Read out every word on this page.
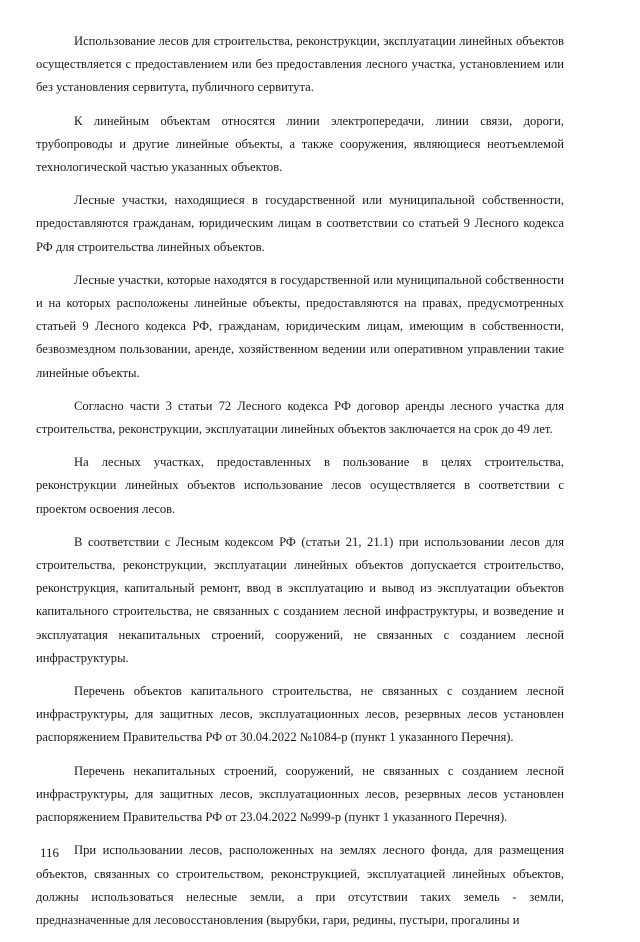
Использование лесов для строительства, реконструкции, эксплуатации линейных объектов осуществляется с предоставлением или без предоставления лесного участка, установлением или без установления сервитута, публичного сервитута.

К линейным объектам относятся линии электропередачи, линии связи, дороги, трубопроводы и другие линейные объекты, а также сооружения, являющиеся неотъемлемой технологической частью указанных объектов.

Лесные участки, находящиеся в государственной или муниципальной собственности, предоставляются гражданам, юридическим лицам в соответствии со статьей 9 Лесного кодекса РФ для строительства линейных объектов.

Лесные участки, которые находятся в государственной или муниципальной собственности и на которых расположены линейные объекты, предоставляются на правах, предусмотренных статьей 9 Лесного кодекса РФ, гражданам, юридическим лицам, имеющим в собственности, безвозмездном пользовании, аренде, хозяйственном ведении или оперативном управлении такие линейные объекты.

Согласно части 3 статьи 72 Лесного кодекса РФ договор аренды лесного участка для строительства, реконструкции, эксплуатации линейных объектов заключается на срок до 49 лет.

На лесных участках, предоставленных в пользование в целях строительства, реконструкции линейных объектов использование лесов осуществляется в соответствии с проектом освоения лесов.

В соответствии с Лесным кодексом РФ (статьи 21, 21.1) при использовании лесов для строительства, реконструкции, эксплуатации линейных объектов допускается строительство, реконструкция, капитальный ремонт, ввод в эксплуатацию и вывод из эксплуатации объектов капитального строительства, не связанных с созданием лесной инфраструктуры, и возведение и эксплуатация некапитальных строений, сооружений, не связанных с созданием лесной инфраструктуры.

Перечень объектов капитального строительства, не связанных с созданием лесной инфраструктуры, для защитных лесов, эксплуатационных лесов, резервных лесов установлен распоряжением Правительства РФ от 30.04.2022 №1084-р (пункт 1 указанного Перечня).

Перечень некапитальных строений, сооружений, не связанных с созданием лесной инфраструктуры, для защитных лесов, эксплуатационных лесов, резервных лесов установлен распоряжением Правительства РФ от 23.04.2022 №999-р (пункт 1 указанного Перечня).

При использовании лесов, расположенных на землях лесного фонда, для размещения объектов, связанных со строительством, реконструкцией, эксплуатацией линейных объектов, должны использоваться нелесные земли, а при отсутствии таких земель - земли, предназначенные для лесовосстановления (вырубки, гари, редины, пустыри, прогалины и

116
